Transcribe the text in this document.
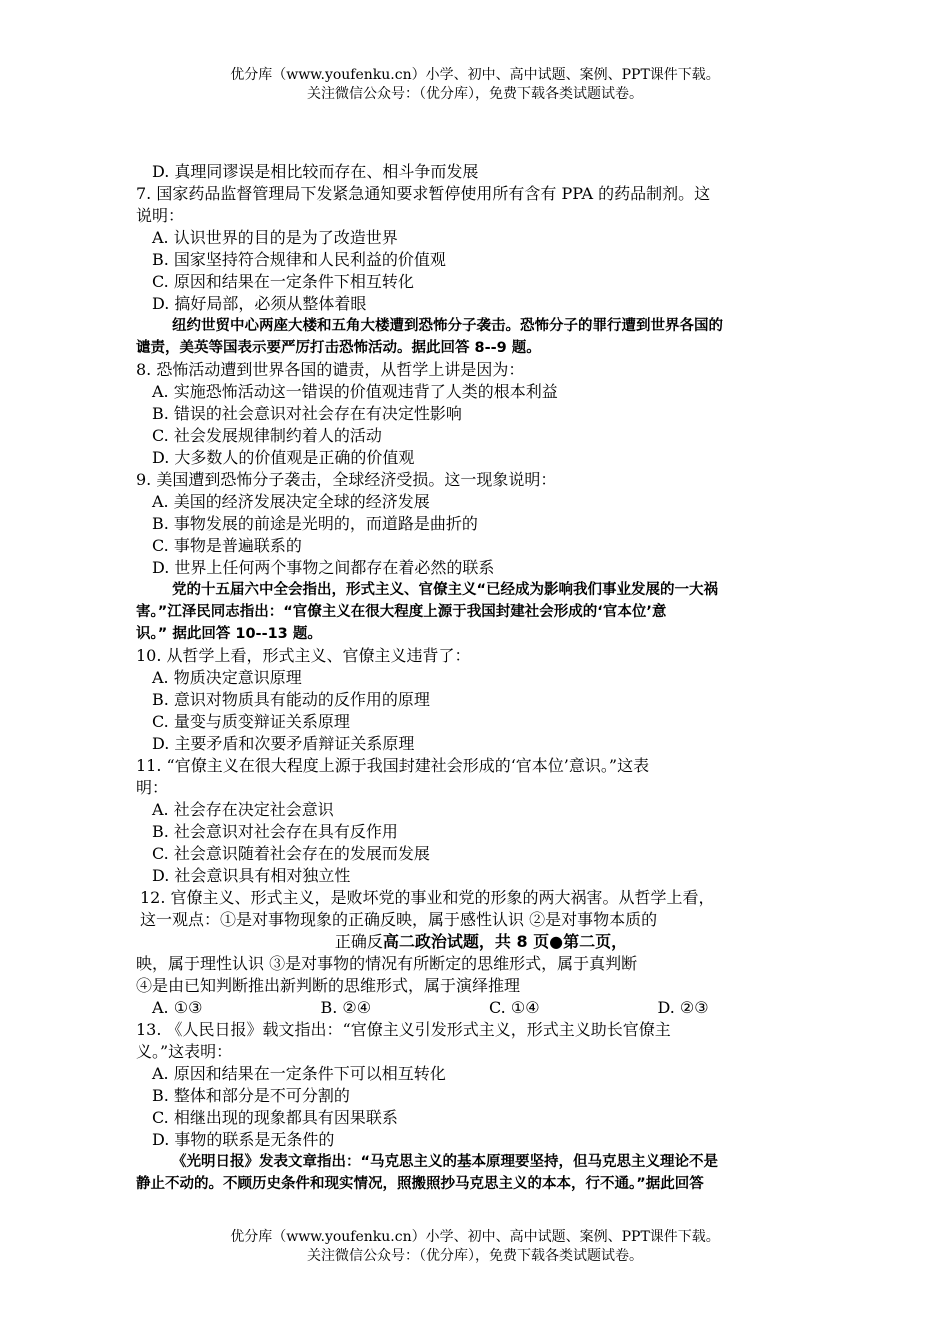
优分库（www.youfenku.cn）小学、初中、高中试题、案例、PPT课件下载。
关注微信公众号：（优分库），免费下载各类试题试卷。
D. 真理同谬误是相比较而存在、相斗争而发展
7. 国家药品监督管理局下发紧急通知要求暂停使用所有含有 PPA 的药品制剂。这
说明：
A. 认识世界的目的是为了改造世界
B. 国家坚持符合规律和人民利益的价值观
C. 原因和结果在一定条件下相互转化
D. 搞好局部，必须从整体着眼
纽约世贸中心两座大楼和五角大楼遭到恐怖分子袭击。恐怖分子的罪行遭到世界各国的
谴责，美英等国表示要严厉打击恐怖活动。据此回答 8--9 题。
8. 恐怖活动遭到世界各国的谴责，从哲学上讲是因为：
A. 实施恐怖活动这一错误的价值观违背了人类的根本利益
B. 错误的社会意识对社会存在有决定性影响
C. 社会发展规律制约着人的活动
D. 大多数人的价值观是正确的价值观
9. 美国遭到恐怖分子袭击，全球经济受损。这一现象说明：
A. 美国的经济发展决定全球的经济发展
B. 事物发展的前途是光明的，而道路是曲折的
C. 事物是普遍联系的
D. 世界上任何两个事物之间都存在着必然的联系
党的十五届六中全会指出，形式主义、官僚主义“已经成为影响我们事业发展的一大祸
害。”江泽民同志指出：“官僚主义在很大程度上源于我国封建社会形成的‘官本位’意
识。” 据此回答 10--13 题。
10. 从哲学上看，形式主义、官僚主义违背了：
A. 物质决定意识原理
B. 意识对物质具有能动的反作用的原理
C. 量变与质变辩证关系原理
D. 主要矛盾和次要矛盾辩证关系原理
11. “官僚主义在很大程度上源于我国封建社会形成的‘官本位’意识。”这表
明：
A. 社会存在决定社会意识
B. 社会意识对社会存在具有反作用
C. 社会意识随着社会存在的发展而发展
D. 社会意识具有相对独立性
12. 官僚主义、形式主义，是败坏党的事业和党的形象的两大祸害。从哲学上看，
这一观点：①是对事物现象的正确反映，属于感性认识 ②是对事物本质的
正确反高二政治试题，共 8 页●第二页，
映，属于理性认识 ③是对事物的情况有所断定的思维形式，属于真判断
④是由已知判断推出新判断的思维形式，属于演绎推理
A. ①③	B. ②④	C. ①④	D. ②③
13. 《人民日报》载文指出：“官僚主义引发形式主义，形式主义助长官僚主
义。”这表明：
A. 原因和结果在一定条件下可以相互转化
B. 整体和部分是不可分割的
C. 相继出现的现象都具有因果联系
D. 事物的联系是无条件的
《光明日报》发表文章指出：“马克思主义的基本原理要坚持，但马克思主义理论不是
静止不动的。不顾历史条件和现实情况，照搬照抄马克思主义的本本，行不通。”据此回答
优分库（www.youfenku.cn）小学、初中、高中试题、案例、PPT课件下载。
关注微信公众号：（优分库），免费下载各类试题试卷。
